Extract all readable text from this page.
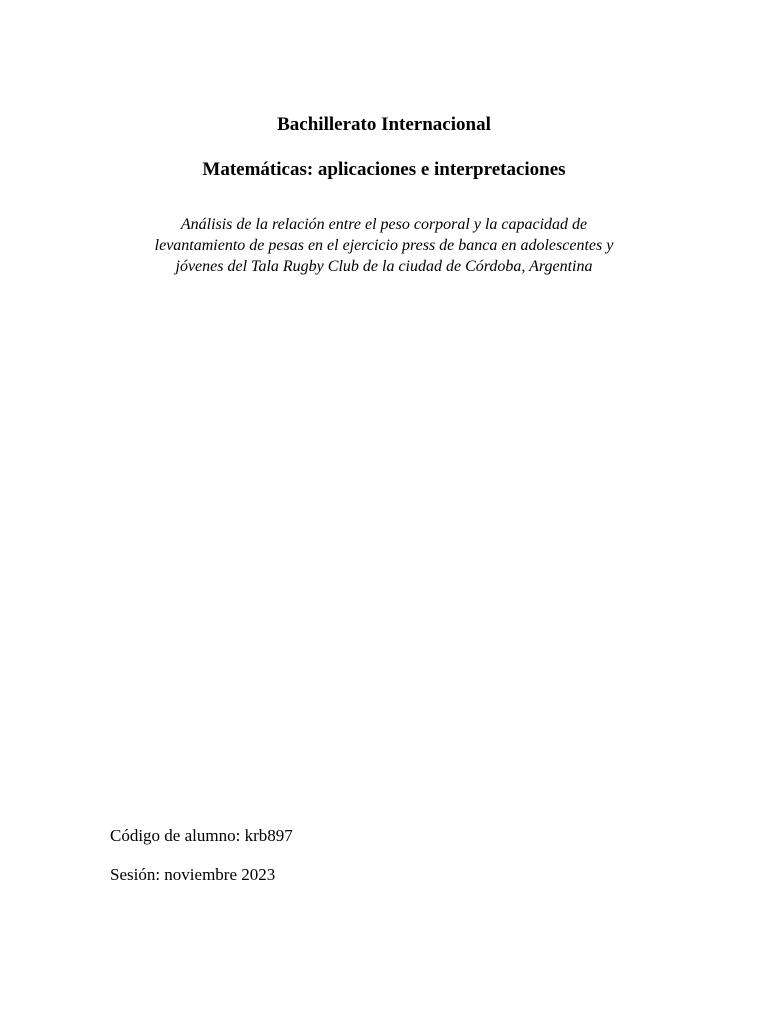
Bachillerato Internacional
Matemáticas: aplicaciones e interpretaciones

Análisis de la relación entre el peso corporal y la capacidad de
levantamiento de pesas en el ejercicio press de banca en adolescentes y
jóvenes del Tala Rugby Club de la ciudad de Córdoba, Argentina

Código de alumno: krb897

Sesión: noviembre 2023
